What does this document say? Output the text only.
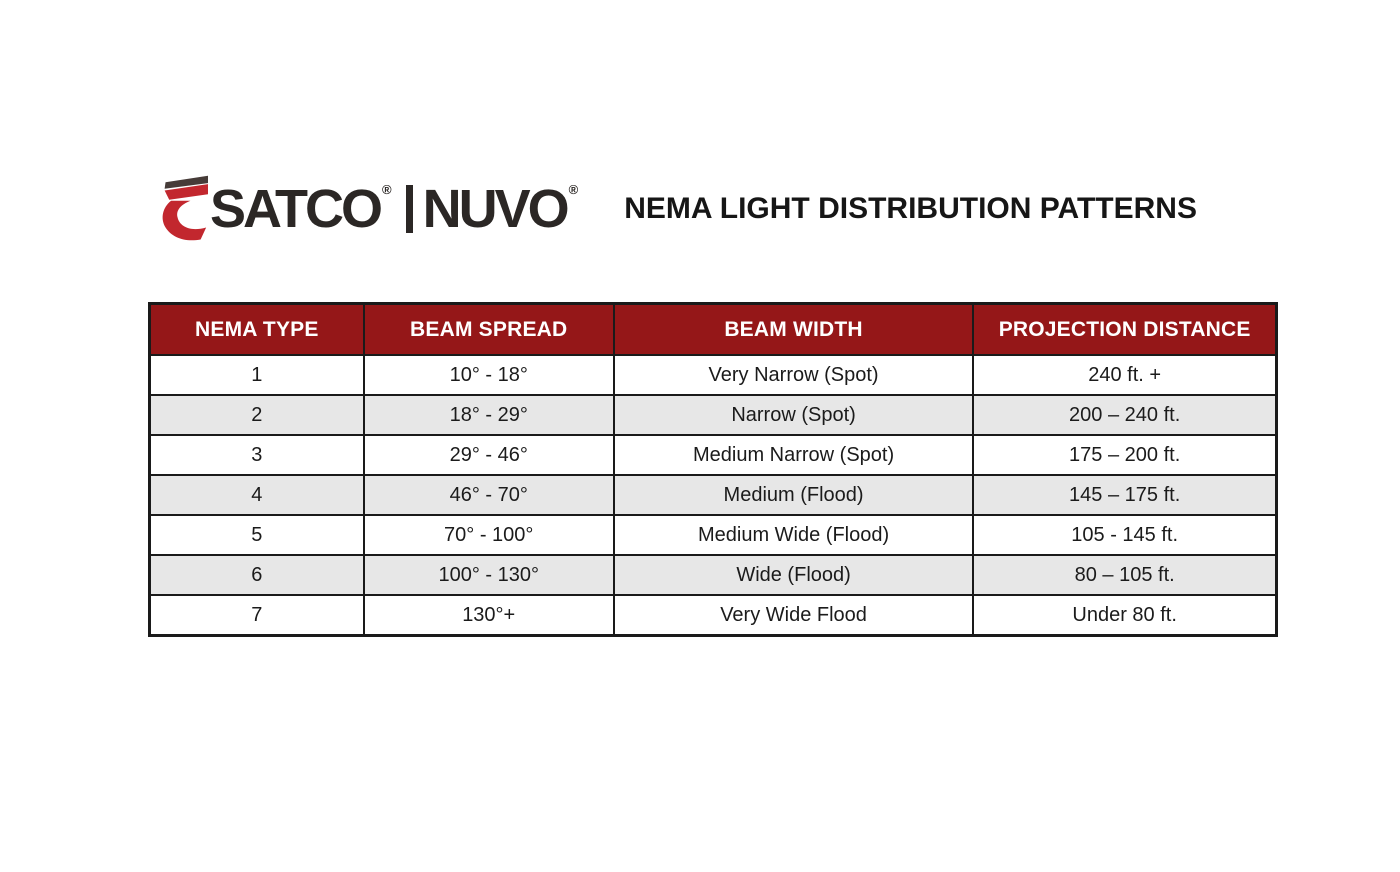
SATCO ® NUVO ®
NEMA LIGHT DISTRIBUTION PATTERNS
NEMA TYPE	BEAM SPREAD	BEAM WIDTH	PROJECTION DISTANCE
1	10° - 18°	Very Narrow (Spot)	240 ft. +
2	18° - 29°	Narrow (Spot)	200 – 240 ft.
3	29° - 46°	Medium Narrow (Spot)	175 – 200 ft.
4	46° - 70°	Medium (Flood)	145 – 175 ft.
5	70° - 100°	Medium Wide (Flood)	105 - 145 ft.
6	100° - 130°	Wide (Flood)	80 – 105 ft.
7	130°+	Very Wide Flood	Under 80 ft.
